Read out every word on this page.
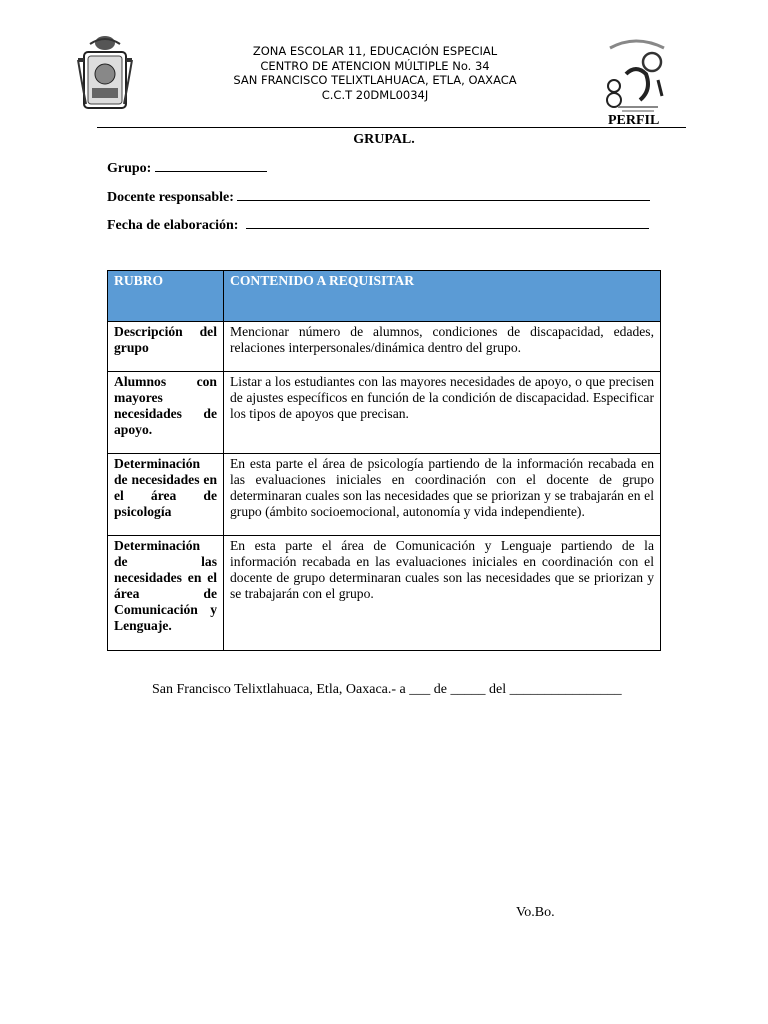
ZONA ESCOLAR 11, EDUCACIÓN ESPECIAL
CENTRO DE ATENCION MÚLTIPLE No. 34
SAN FRANCISCO TELIXTLAHUACA, ETLA, OAXACA
C.C.T 20DML0034J
PERFIL
GRUPAL.
Grupo:
Docente responsable:
Fecha de elaboración:
RUBRO	CONTENIDO A REQUISITAR
Descripción del grupo	Mencionar número de alumnos, condiciones de discapacidad, edades, relaciones interpersonales/dinámica dentro del grupo.
Alumnos con mayores necesidades de apoyo.	Listar a los estudiantes con las mayores necesidades de apoyo, o que precisen de ajustes específicos en función de la condición de discapacidad. Especificar los tipos de apoyos que precisan.
Determinación de necesidades en el área de psicología	En esta parte el área de psicología partiendo de la información recabada en las evaluaciones iniciales en coordinación con el docente de grupo determinaran cuales son las necesidades que se priorizan y se trabajarán en el grupo (ámbito socioemocional, autonomía y vida independiente).
Determinación de las necesidades en el área de Comunicación y Lenguaje.	En esta parte el área de Comunicación y Lenguaje partiendo de la información recabada en las evaluaciones iniciales en coordinación con el docente de grupo determinaran cuales son las necesidades que se priorizan y se trabajarán con el grupo.
San Francisco Telixtlahuaca, Etla, Oaxaca.- a ___ de _____ del ________________
Vo.Bo.
